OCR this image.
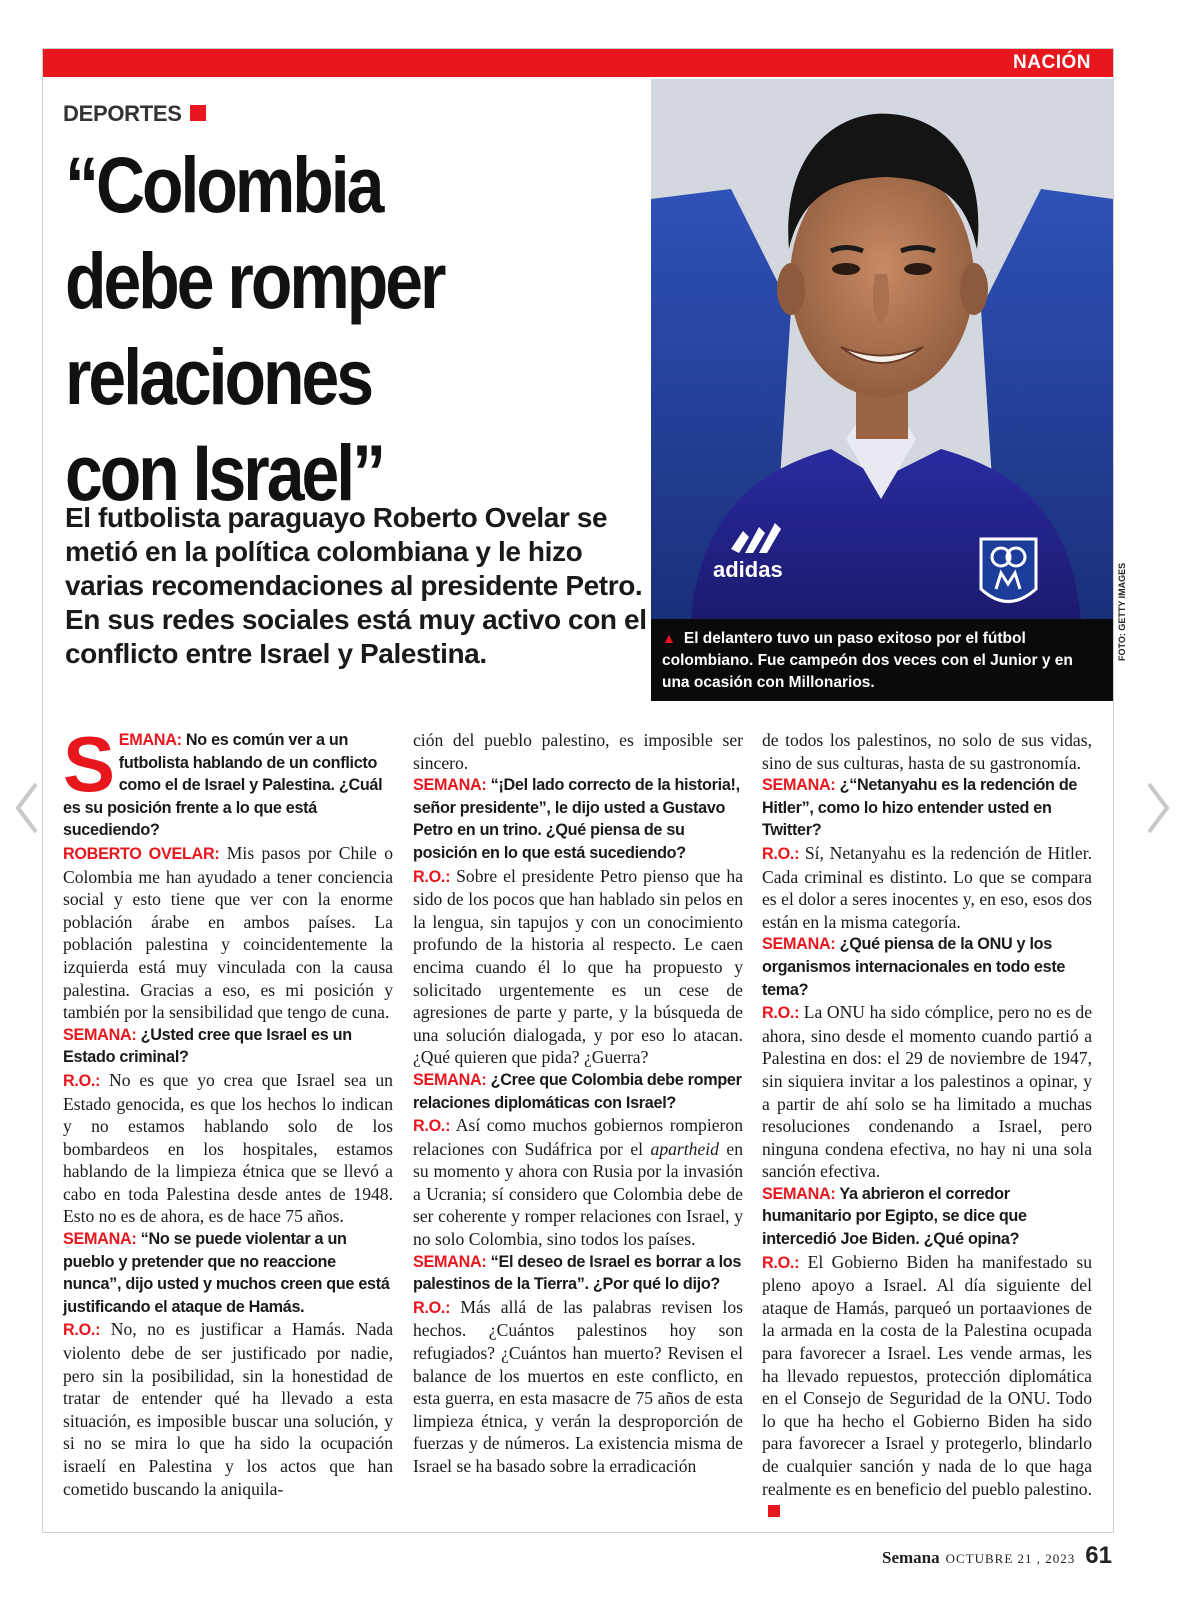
NACIÓN
DEPORTES
“Colombia
debe romper
relaciones
con Israel”

El futbolista paraguayo Roberto Ovelar se metió en la política colombiana y le hizo varias recomendaciones al presidente Petro. En sus redes sociales está muy activo con el conflicto entre Israel y Palestina.

adidas
▲ El delantero tuvo un paso exitoso por el fútbol colombiano. Fue campeón dos veces con el Junior y en una ocasión con Millonarios.
FOTO: GETTY IMAGES

SEMANA: No es común ver a un futbolista hablando de un conflicto como el de Israel y Palestina. ¿Cuál es su posición frente a lo que está sucediendo?

ROBERTO OVELAR: Mis pasos por Chile o Colombia me han ayudado a tener conciencia social y esto tiene que ver con la enorme población árabe en ambos países. La población palestina y coincidentemente la izquierda está muy vinculada con la causa palestina. Gracias a eso, es mi posición y también por la sensibilidad que tengo de cuna.

SEMANA: ¿Usted cree que Israel es un Estado criminal?

R.O.: No es que yo crea que Israel sea un Estado genocida, es que los hechos lo indican y no estamos hablando solo de los bombardeos en los hospitales, estamos hablando de la limpieza étnica que se llevó a cabo en toda Palestina desde antes de 1948. Esto no es de ahora, es de hace 75 años.

SEMANA: “No se puede violentar a un pueblo y pretender que no reaccione nunca”, dijo usted y muchos creen que está justificando el ataque de Hamás.

R.O.: No, no es justificar a Hamás. Nada violento debe de ser justificado por nadie, pero sin la posibilidad, sin la honestidad de tratar de entender qué ha llevado a esta situación, es imposible buscar una solución, y si no se mira lo que ha sido la ocupación israelí en Palestina y los actos que han cometido buscando la aniquila-

ción del pueblo palestino, es imposible ser sincero.

SEMANA: “¡Del lado correcto de la historia!, señor presidente”, le dijo usted a Gustavo Petro en un trino. ¿Qué piensa de su posición en lo que está sucediendo?

R.O.: Sobre el presidente Petro pienso que ha sido de los pocos que han hablado sin pelos en la lengua, sin tapujos y con un conocimiento profundo de la historia al respecto. Le caen encima cuando él lo que ha propuesto y solicitado urgentemente es un cese de agresiones de parte y parte, y la búsqueda de una solución dialogada, y por eso lo atacan. ¿Qué quieren que pida? ¿Guerra?

SEMANA: ¿Cree que Colombia debe romper relaciones diplomáticas con Israel?

R.O.: Así como muchos gobiernos rompieron relaciones con Sudáfrica por el apartheid en su momento y ahora con Rusia por la invasión a Ucrania; sí considero que Colombia debe de ser coherente y romper relaciones con Israel, y no solo Colombia, sino todos los países.

SEMANA: “El deseo de Israel es borrar a los palestinos de la Tierra”. ¿Por qué lo dijo?

R.O.: Más allá de las palabras revisen los hechos. ¿Cuántos palestinos hoy son refugiados? ¿Cuántos han muerto? Revisen el balance de los muertos en este conflicto, en esta guerra, en esta masacre de 75 años de esta limpieza étnica, y verán la desproporción de fuerzas y de números. La existencia misma de Israel se ha basado sobre la erradicación

de todos los palestinos, no solo de sus vidas, sino de sus culturas, hasta de su gastronomía.

SEMANA: ¿“Netanyahu es la redención de Hitler”, como lo hizo entender usted en Twitter?

R.O.: Sí, Netanyahu es la redención de Hitler. Cada criminal es distinto. Lo que se compara es el dolor a seres inocentes y, en eso, esos dos están en la misma categoría.

SEMANA: ¿Qué piensa de la ONU y los organismos internacionales en todo este tema?

R.O.: La ONU ha sido cómplice, pero no es de ahora, sino desde el momento cuando partió a Palestina en dos: el 29 de noviembre de 1947, sin siquiera invitar a los palestinos a opinar, y a partir de ahí solo se ha limitado a muchas resoluciones condenando a Israel, pero ninguna condena efectiva, no hay ni una sola sanción efectiva.

SEMANA: Ya abrieron el corredor humanitario por Egipto, se dice que intercedió Joe Biden. ¿Qué opina?

R.O.: El Gobierno Biden ha manifestado su pleno apoyo a Israel. Al día siguiente del ataque de Hamás, parqueó un portaaviones de la armada en la costa de la Palestina ocupada para favorecer a Israel. Les vende armas, les ha llevado repuestos, protección diplomática en el Consejo de Seguridad de la ONU. Todo lo que ha hecho el Gobierno Biden ha sido para favorecer a Israel y protegerlo, blindarlo de cualquier sanción y nada de lo que haga realmente es en beneficio del pueblo palestino.

Semana OCTUBRE 21 , 2023 61
